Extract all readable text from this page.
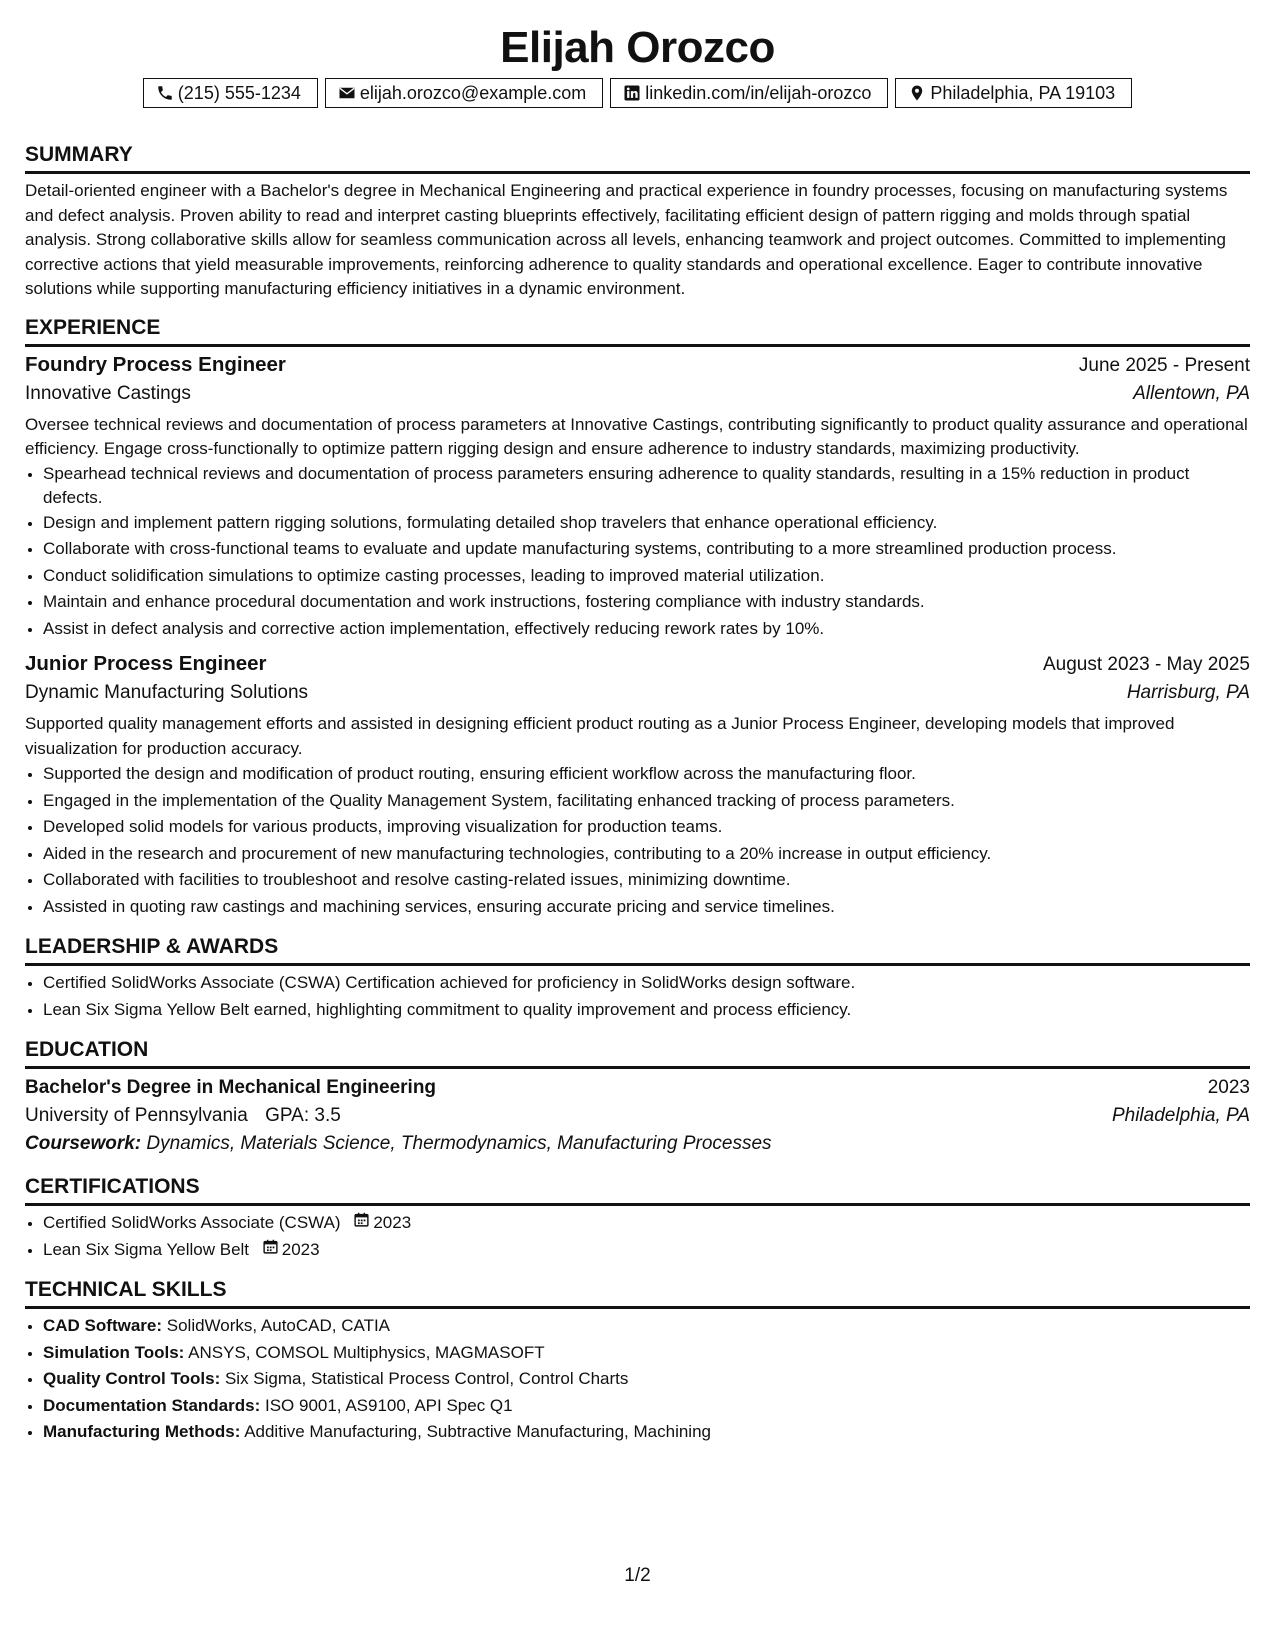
Elijah Orozco
(215) 555-1234	elijah.orozco@example.com	linkedin.com/in/elijah-orozco	Philadelphia, PA 19103
SUMMARY
Detail-oriented engineer with a Bachelor's degree in Mechanical Engineering and practical experience in foundry processes, focusing on manufacturing systems and defect analysis. Proven ability to read and interpret casting blueprints effectively, facilitating efficient design of pattern rigging and molds through spatial analysis. Strong collaborative skills allow for seamless communication across all levels, enhancing teamwork and project outcomes. Committed to implementing corrective actions that yield measurable improvements, reinforcing adherence to quality standards and operational excellence. Eager to contribute innovative solutions while supporting manufacturing efficiency initiatives in a dynamic environment.
EXPERIENCE
Foundry Process Engineer	June 2025 - Present
Innovative Castings	Allentown, PA
Oversee technical reviews and documentation of process parameters at Innovative Castings, contributing significantly to product quality assurance and operational efficiency. Engage cross-functionally to optimize pattern rigging design and ensure adherence to industry standards, maximizing productivity.
• Spearhead technical reviews and documentation of process parameters ensuring adherence to quality standards, resulting in a 15% reduction in product defects.
• Design and implement pattern rigging solutions, formulating detailed shop travelers that enhance operational efficiency.
• Collaborate with cross-functional teams to evaluate and update manufacturing systems, contributing to a more streamlined production process.
• Conduct solidification simulations to optimize casting processes, leading to improved material utilization.
• Maintain and enhance procedural documentation and work instructions, fostering compliance with industry standards.
• Assist in defect analysis and corrective action implementation, effectively reducing rework rates by 10%.
Junior Process Engineer	August 2023 - May 2025
Dynamic Manufacturing Solutions	Harrisburg, PA
Supported quality management efforts and assisted in designing efficient product routing as a Junior Process Engineer, developing models that improved visualization for production accuracy.
• Supported the design and modification of product routing, ensuring efficient workflow across the manufacturing floor.
• Engaged in the implementation of the Quality Management System, facilitating enhanced tracking of process parameters.
• Developed solid models for various products, improving visualization for production teams.
• Aided in the research and procurement of new manufacturing technologies, contributing to a 20% increase in output efficiency.
• Collaborated with facilities to troubleshoot and resolve casting-related issues, minimizing downtime.
• Assisted in quoting raw castings and machining services, ensuring accurate pricing and service timelines.
LEADERSHIP & AWARDS
• Certified SolidWorks Associate (CSWA) Certification achieved for proficiency in SolidWorks design software.
• Lean Six Sigma Yellow Belt earned, highlighting commitment to quality improvement and process efficiency.
EDUCATION
Bachelor's Degree in Mechanical Engineering	2023
University of Pennsylvania GPA: 3.5	Philadelphia, PA
Coursework: Dynamics, Materials Science, Thermodynamics, Manufacturing Processes
CERTIFICATIONS
• Certified SolidWorks Associate (CSWA) 2023
• Lean Six Sigma Yellow Belt 2023
TECHNICAL SKILLS
• CAD Software: SolidWorks, AutoCAD, CATIA
• Simulation Tools: ANSYS, COMSOL Multiphysics, MAGMASOFT
• Quality Control Tools: Six Sigma, Statistical Process Control, Control Charts
• Documentation Standards: ISO 9001, AS9100, API Spec Q1
• Manufacturing Methods: Additive Manufacturing, Subtractive Manufacturing, Machining
1/2
